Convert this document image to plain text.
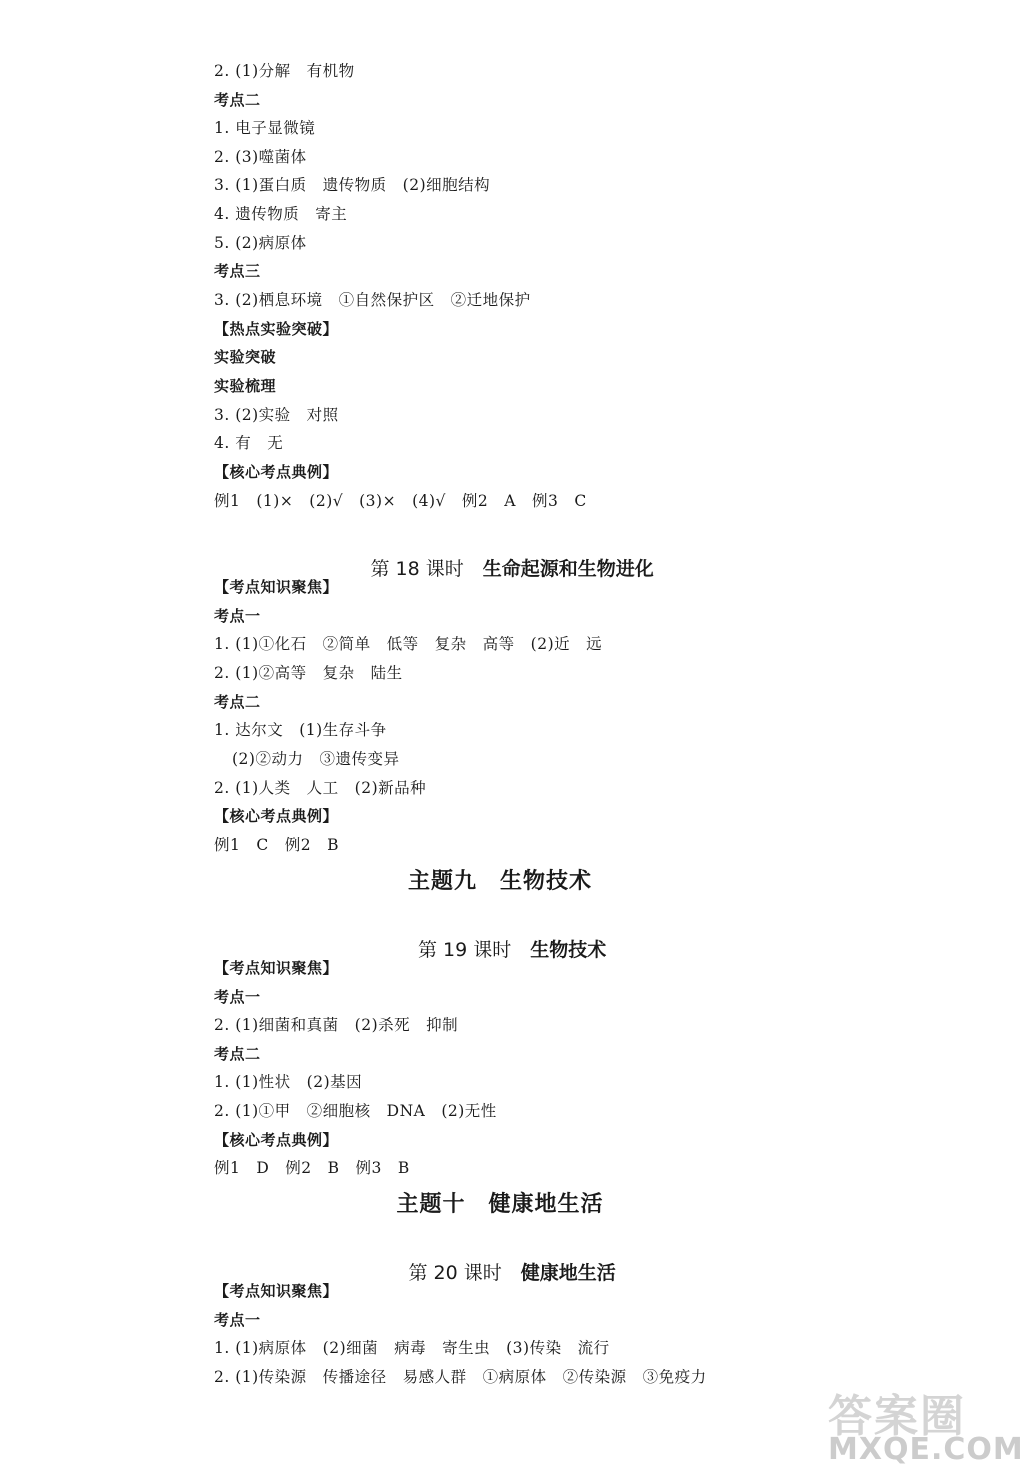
2. (1)分解　有机物
考点二
1. 电子显微镜
2. (3)噬菌体
3. (1)蛋白质　遗传物质　(2)细胞结构
4. 遗传物质　寄主
5. (2)病原体
考点三
3. (2)栖息环境　①自然保护区　②迁地保护
【热点实验突破】
实验突破
实验梳理
3. (2)实验　对照
4. 有　无
【核心考点典例】
例1　(1)×　(2)√　(3)×　(4)√　例2　A　例3　C

第 18 课时　 生命起源和生物进化

【考点知识聚焦】
考点一
1. (1)①化石　②简单　低等　复杂　高等　(2)近　远
2. (1)②高等　复杂　陆生
考点二
1. 达尔文　(1)生存斗争
(2)②动力　③遗传变异
2. (1)人类　人工　(2)新品种
【核心考点典例】
例1　C　例2　B
主题九　生物技术

第 19 课时　 生物技术

【考点知识聚焦】
考点一
2. (1)细菌和真菌　(2)杀死　抑制
考点二
1. (1)性状　(2)基因
2. (1)①甲　②细胞核　DNA　(2)无性
【核心考点典例】
例1　D　例2　B　例3　B
主题十　健康地生活

第 20 课时　 健康地生活

【考点知识聚焦】
考点一
1. (1)病原体　(2)细菌　病毒　寄生虫　(3)传染　流行
2. (1)传染源　传播途径　易感人群　①病原体　②传染源　③免疫力
答案圈
MXQE.COM
